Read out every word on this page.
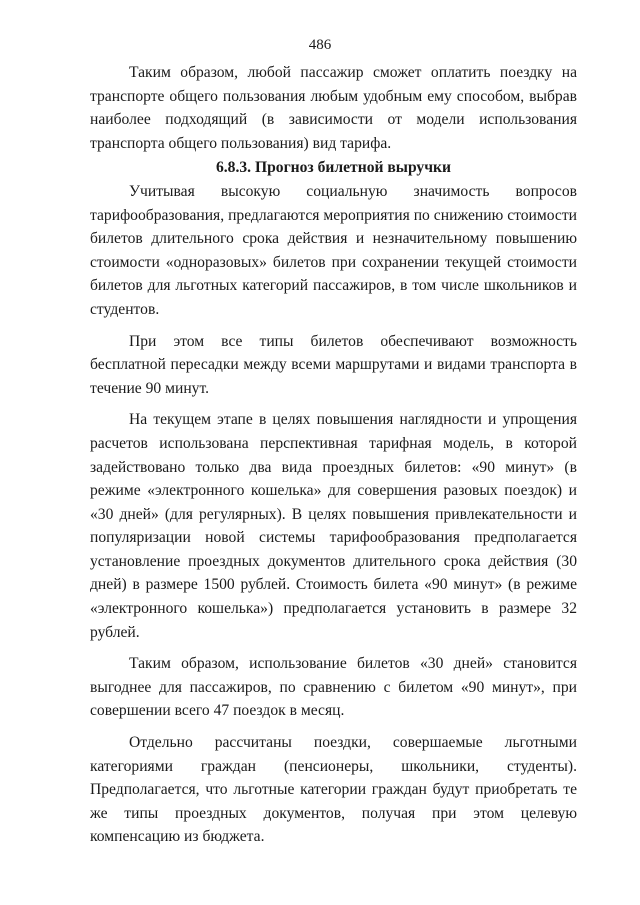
486

Таким образом, любой пассажир сможет оплатить поездку на транспорте общего пользования любым удобным ему способом, выбрав наиболее подходящий (в зависимости от модели использования транспорта общего пользования) вид тарифа.

6.8.3. Прогноз билетной выручки

Учитывая высокую социальную значимость вопросов тарифообразования, предлагаются мероприятия по снижению стоимости билетов длительного срока действия и незначительному повышению стоимости «одноразовых» билетов при сохранении текущей стоимости билетов для льготных категорий пассажиров, в том числе школьников и студентов.

При этом все типы билетов обеспечивают возможность бесплатной пересадки между всеми маршрутами и видами транспорта в течение 90 минут.

На текущем этапе в целях повышения наглядности и упрощения расчетов использована перспективная тарифная модель, в которой задействовано только два вида проездных билетов: «90 минут» (в режиме «электронного кошелька» для совершения разовых поездок) и «30 дней» (для регулярных). В целях повышения привлекательности и популяризации новой системы тарифообразования предполагается установление проездных документов длительного срока действия (30 дней) в размере 1500 рублей. Стоимость билета «90 минут» (в режиме «электронного кошелька») предполагается установить в размере 32 рублей.

Таким образом, использование билетов «30 дней» становится выгоднее для пассажиров, по сравнению с билетом «90 минут», при совершении всего 47 поездок в месяц.

Отдельно рассчитаны поездки, совершаемые льготными категориями граждан (пенсионеры, школьники, студенты). Предполагается, что льготные категории граждан будут приобретать те же типы проездных документов, получая при этом целевую компенсацию из бюджета.
